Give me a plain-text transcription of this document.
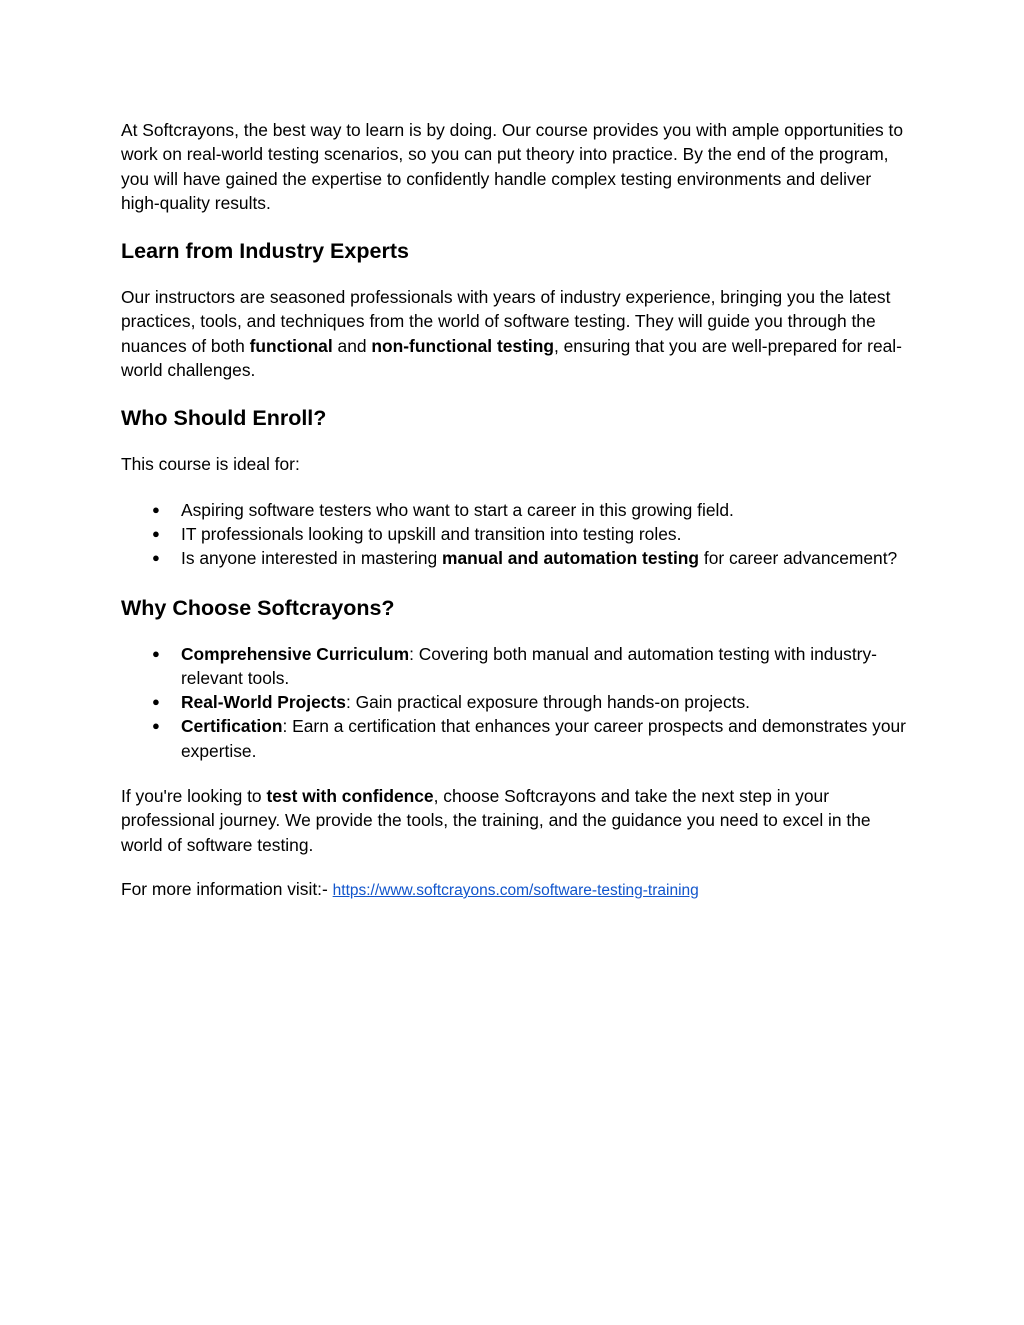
At Softcrayons, the best way to learn is by doing. Our course provides you with ample opportunities to work on real-world testing scenarios, so you can put theory into practice. By the end of the program, you will have gained the expertise to confidently handle complex testing environments and deliver high-quality results.

Learn from Industry Experts

Our instructors are seasoned professionals with years of industry experience, bringing you the latest practices, tools, and techniques from the world of software testing. They will guide you through the nuances of both functional and non-functional testing, ensuring that you are well-prepared for real-world challenges.

Who Should Enroll?

This course is ideal for:

● Aspiring software testers who want to start a career in this growing field.
● IT professionals looking to upskill and transition into testing roles.
● Is anyone interested in mastering manual and automation testing for career advancement?
Why Choose Softcrayons?
● Comprehensive Curriculum: Covering both manual and automation testing with industry-relevant tools.
● Real-World Projects: Gain practical exposure through hands-on projects.
● Certification: Earn a certification that enhances your career prospects and demonstrates your expertise.

If you're looking to test with confidence, choose Softcrayons and take the next step in your professional journey. We provide the tools, the training, and the guidance you need to excel in the world of software testing.

For more information visit:- https://www.softcrayons.com/software-testing-training
